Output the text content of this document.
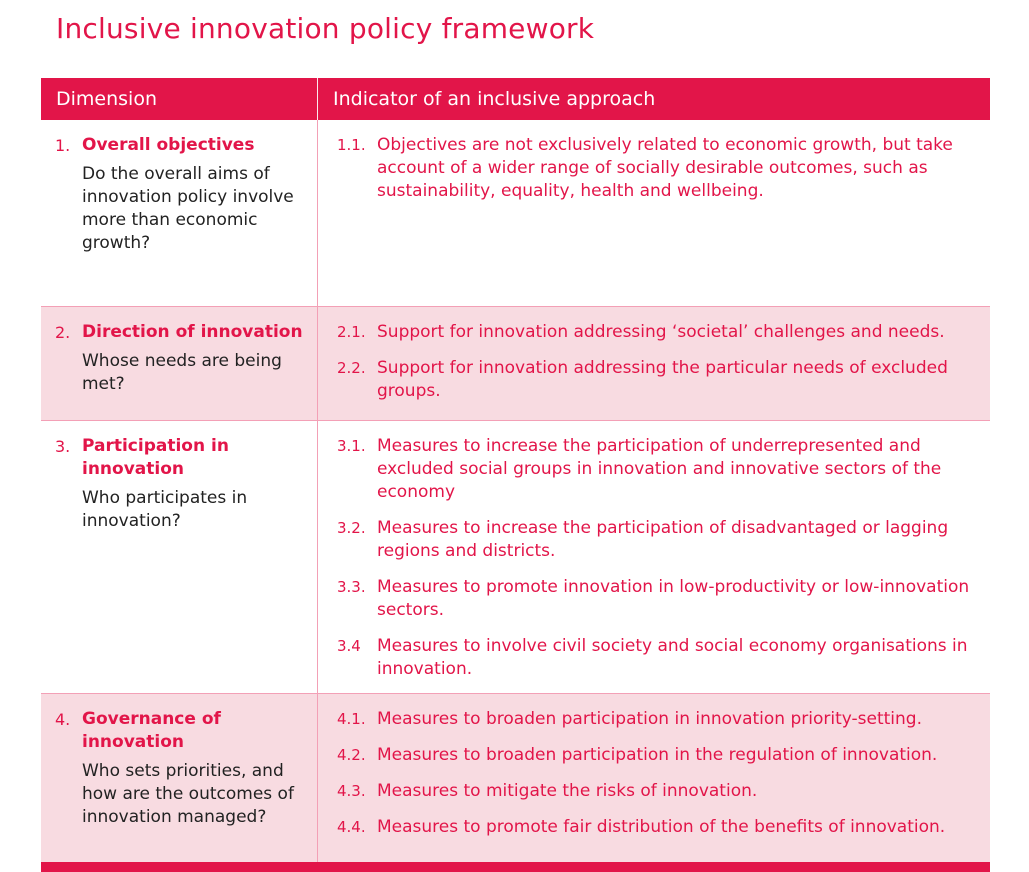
Inclusive innovation policy framework
Dimension	Indicator of an inclusive approach
1. Overall objectives
Do the overall aims of innovation policy involve more than economic growth?
1.1. Objectives are not exclusively related to economic growth, but take account of a wider range of socially desirable outcomes, such as sustainability, equality, health and wellbeing.
2. Direction of innovation
Whose needs are being met?
2.1. Support for innovation addressing ‘societal’ challenges and needs.
2.2. Support for innovation addressing the particular needs of excluded groups.
3. Participation in innovation
Who participates in innovation?
3.1. Measures to increase the participation of underrepresented and excluded social groups in innovation and innovative sectors of the economy
3.2. Measures to increase the participation of disadvantaged or lagging regions and districts.
3.3. Measures to promote innovation in low-productivity or low-innovation sectors.
3.4 Measures to involve civil society and social economy organisations in innovation.
4. Governance of innovation
Who sets priorities, and how are the outcomes of innovation managed?
4.1. Measures to broaden participation in innovation priority-setting.
4.2. Measures to broaden participation in the regulation of innovation.
4.3. Measures to mitigate the risks of innovation.
4.4. Measures to promote fair distribution of the benefits of innovation.
